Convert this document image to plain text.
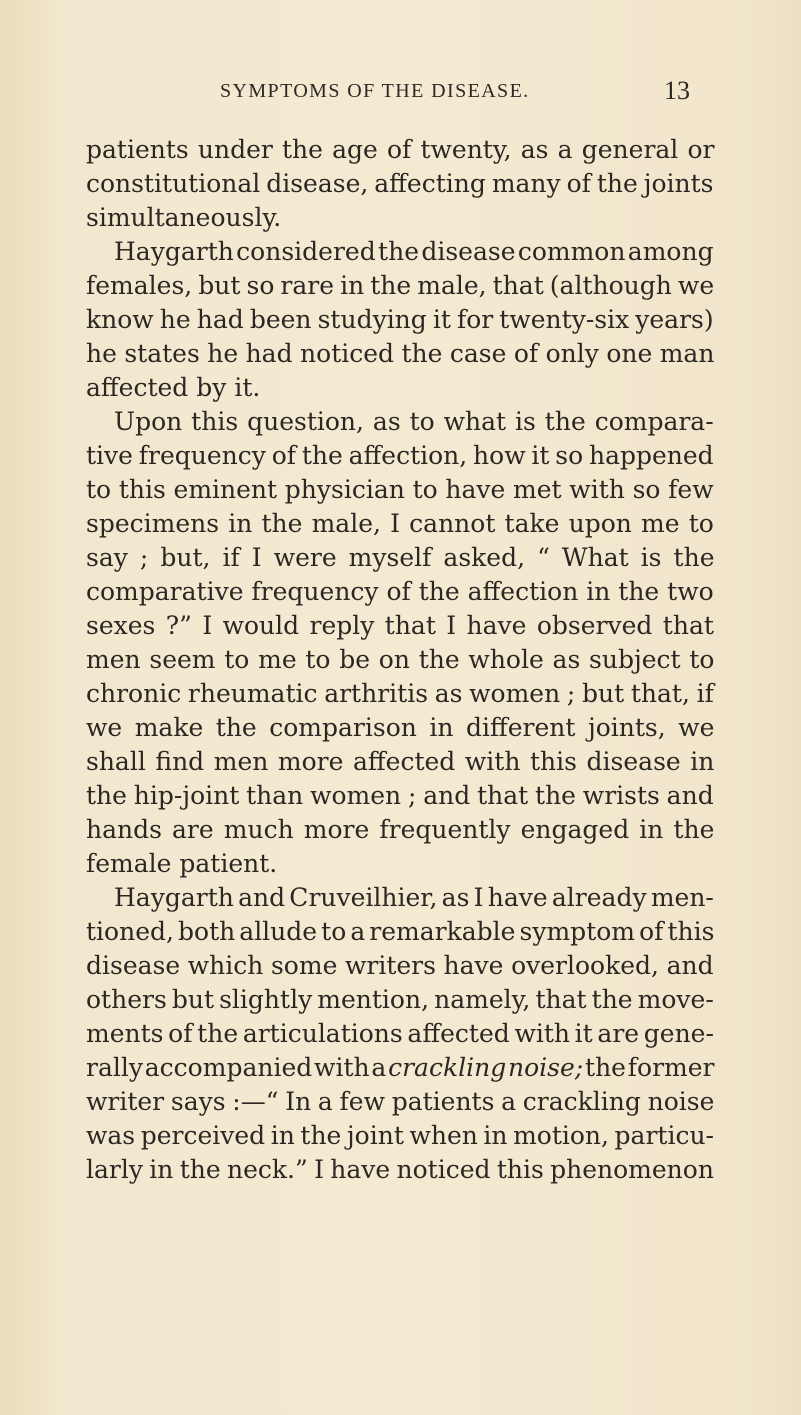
SYMPTOMS OF THE DISEASE.	13
patients under the age of twenty, as a general or
constitutional disease, affecting many of the joints
simultaneously.
Haygarth considered the disease common among
females, but so rare in the male, that (although we
know he had been studying it for twenty-six years)
he states he had noticed the case of only one man
affected by it.
Upon this question, as to what is the compara-
tive frequency of the affection, how it so happened
to this eminent physician to have met with so few
specimens in the male, I cannot take upon me to
say ; but, if I were myself asked, “ What is the
comparative frequency of the affection in the two
sexes ?” I would reply that I have observed that
men seem to me to be on the whole as subject to
chronic rheumatic arthritis as women ; but that, if
we make the comparison in different joints, we
shall find men more affected with this disease in
the hip-joint than women ; and that the wrists and
hands are much more frequently engaged in the
female patient.
Haygarth and Cruveilhier, as I have already men-
tioned, both allude to a remarkable symptom of this
disease which some writers have overlooked, and
others but slightly mention, namely, that the move-
ments of the articulations affected with it are gene-
rally accompanied with a crackling noise; the former
writer says :—“ In a few patients a crackling noise
was perceived in the joint when in motion, particu-
larly in the neck.” I have noticed this phenomenon
